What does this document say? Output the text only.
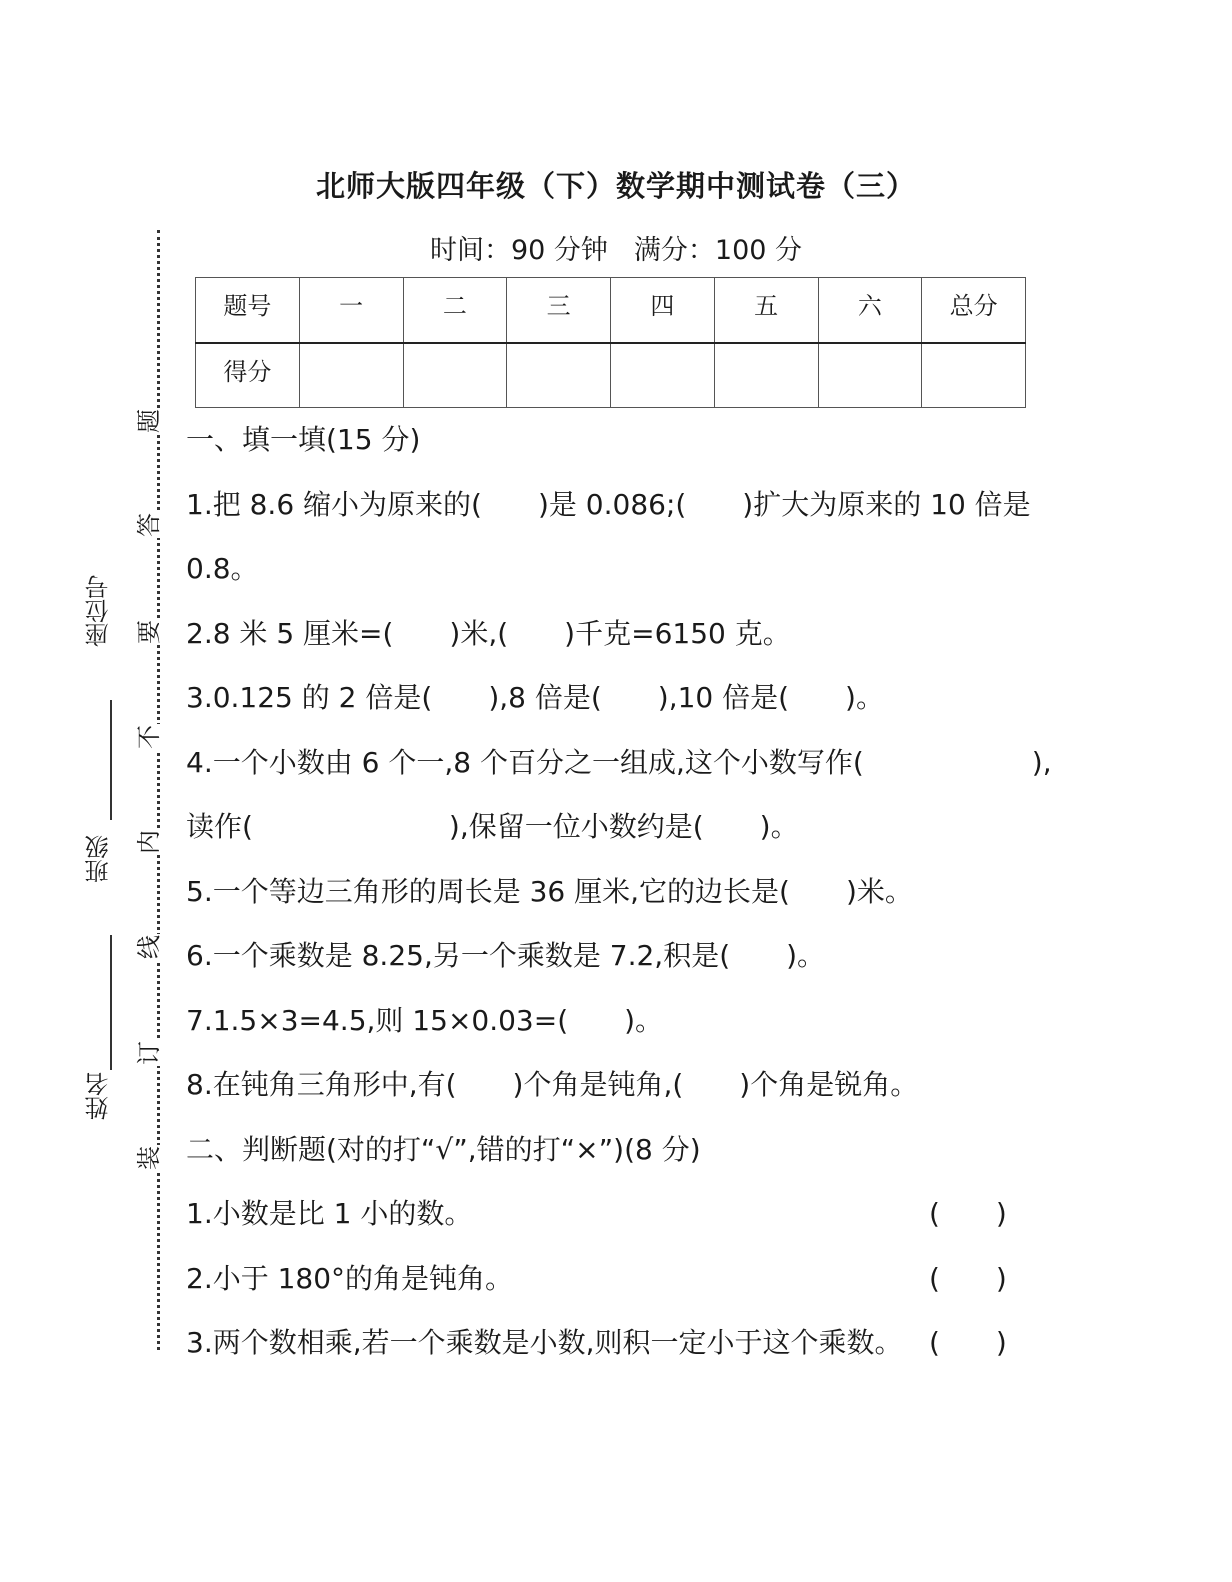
北师大版四年级（下）数学期中测试卷（三）
时间：90 分钟 满分：100 分
题号	一	二	三	四	五	六	总分
得分							
题
答
要
不
内
线
订
装
座位号
班级
姓名
一、填一填(15 分)
1.把 8.6 缩小为原来的(　　)是 0.086;(　　)扩大为原来的 10 倍是
0.8。
2.8 米 5 厘米=(　　)米,(　　)千克=6150 克。
3.0.125 的 2 倍是(　　),8 倍是(　　),10 倍是(　　)。
4.一个小数由 6 个一,8 个百分之一组成,这个小数写作(　　　　　　),
读作(　　　　　　　),保留一位小数约是(　　)。
5.一个等边三角形的周长是 36 厘米,它的边长是(　　)米。
6.一个乘数是 8.25,另一个乘数是 7.2,积是(　　)。
7.1.5×3=4.5,则 15×0.03=(　　)。
8.在钝角三角形中,有(　　)个角是钝角,(　　)个角是锐角。
二、判断题(对的打“√”,错的打“×”)(8 分)
1.小数是比 1 小的数。	(　　)
2.小于 180°的角是钝角。	(　　)
3.两个数相乘,若一个乘数是小数,则积一定小于这个乘数。 (　　)
